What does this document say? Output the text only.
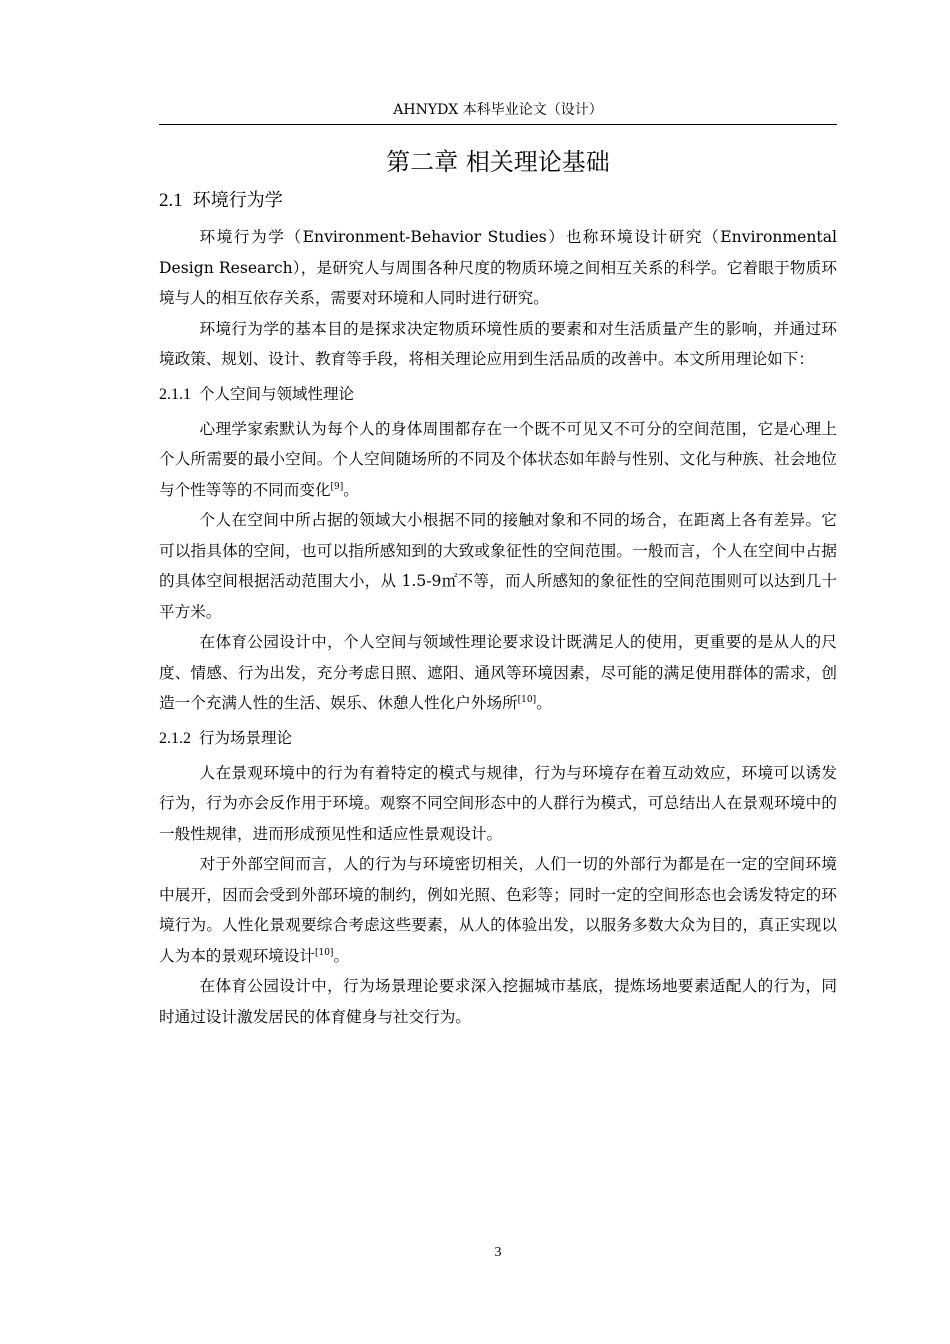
AHNYDX 本科毕业论文（设计）
第二章 相关理论基础
2.1 环境行为学

环境行为学（Environment-Behavior Studies）也称环境设计研究（Environmental Design Research），是研究人与周围各种尺度的物质环境之间相互关系的科学。它着眼于物质环境与人的相互依存关系，需要对环境和人同时进行研究。

环境行为学的基本目的是探求决定物质环境性质的要素和对生活质量产生的影响，并通过环境政策、规划、设计、教育等手段，将相关理论应用到生活品质的改善中。本文所用理论如下：

2.1.1 个人空间与领域性理论

心理学家索默认为每个人的身体周围都存在一个既不可见又不可分的空间范围，它是心理上个人所需要的最小空间。个人空间随场所的不同及个体状态如年龄与性别、文化与种族、社会地位与个性等等的不同而变化[9]。

个人在空间中所占据的领域大小根据不同的接触对象和不同的场合，在距离上各有差异。它可以指具体的空间，也可以指所感知到的大致或象征性的空间范围。一般而言，个人在空间中占据的具体空间根据活动范围大小，从 1.5-9㎡不等，而人所感知的象征性的空间范围则可以达到几十平方米。

在体育公园设计中，个人空间与领域性理论要求设计既满足人的使用，更重要的是从人的尺度、情感、行为出发，充分考虑日照、遮阳、通风等环境因素，尽可能的满足使用群体的需求，创造一个充满人性的生活、娱乐、休憩人性化户外场所[10]。

2.1.2 行为场景理论

人在景观环境中的行为有着特定的模式与规律，行为与环境存在着互动效应，环境可以诱发行为，行为亦会反作用于环境。观察不同空间形态中的人群行为模式，可总结出人在景观环境中的一般性规律，进而形成预见性和适应性景观设计。

对于外部空间而言，人的行为与环境密切相关，人们一切的外部行为都是在一定的空间环境中展开，因而会受到外部环境的制约，例如光照、色彩等；同时一定的空间形态也会诱发特定的环境行为。人性化景观要综合考虑这些要素，从人的体验出发，以服务多数大众为目的，真正实现以人为本的景观环境设计[10]。

在体育公园设计中，行为场景理论要求深入挖掘城市基底，提炼场地要素适配人的行为，同时通过设计激发居民的体育健身与社交行为。

3
